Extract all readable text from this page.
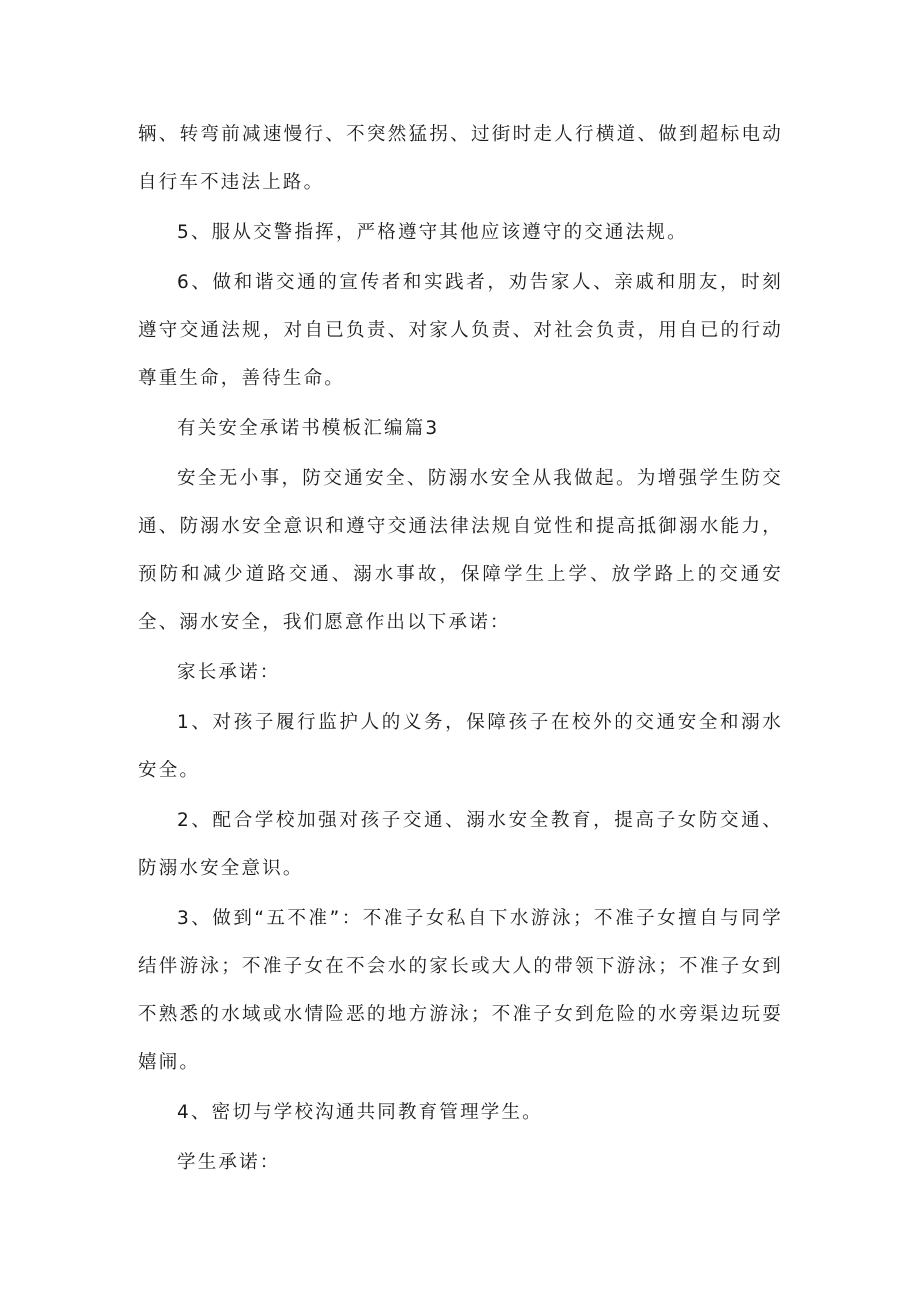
辆、转弯前减速慢行、不突然猛拐、过街时走人行横道、做到超标电动自行车不违法上路。

5、服从交警指挥，严格遵守其他应该遵守的交通法规。

6、做和谐交通的宣传者和实践者，劝告家人、亲戚和朋友，时刻遵守交通法规，对自已负责、对家人负责、对社会负责，用自已的行动尊重生命，善待生命。

有关安全承诺书模板汇编篇3

安全无小事，防交通安全、防溺水安全从我做起。为增强学生防交通、防溺水安全意识和遵守交通法律法规自觉性和提高抵御溺水能力，预防和减少道路交通、溺水事故，保障学生上学、放学路上的交通安全、溺水安全，我们愿意作出以下承诺：

家长承诺：

1、对孩子履行监护人的义务，保障孩子在校外的交通安全和溺水安全。

2、配合学校加强对孩子交通、溺水安全教育，提高子女防交通、防溺水安全意识。

3、做到“五不准”：不准子女私自下水游泳；不准子女擅自与同学结伴游泳；不准子女在不会水的家长或大人的带领下游泳；不准子女到不熟悉的水域或水情险恶的地方游泳；不准子女到危险的水旁渠边玩耍嬉闹。

4、密切与学校沟通共同教育管理学生。

学生承诺：
